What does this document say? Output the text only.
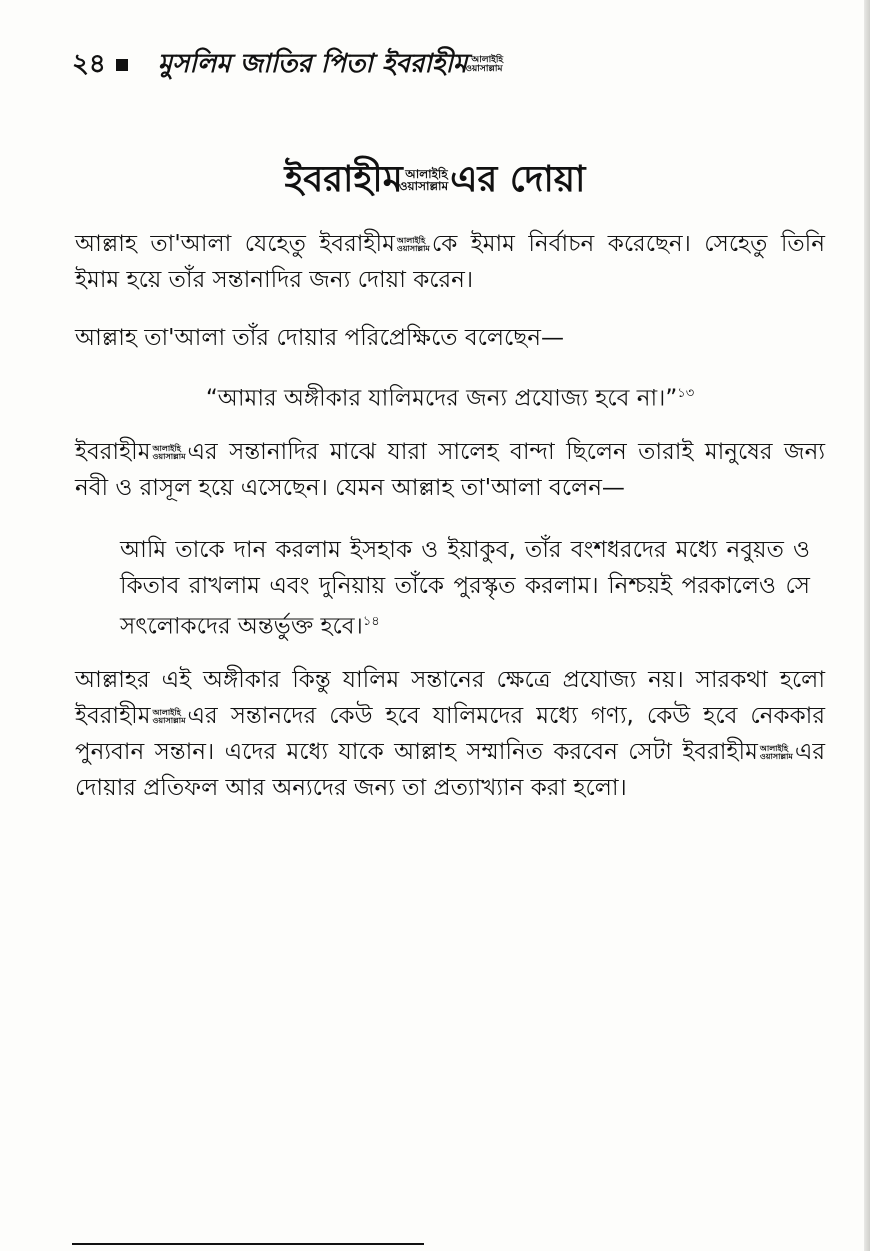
২৪ মুসলিম জাতির পিতা ইবরাহীম আলাইহি
ওয়াসাল্লাম
ইবরাহীম আলাইহি
ওয়াসাল্লাম এর দোয়া
আল্লাহ তা'আলা যেহেতু ইবরাহীম আলাইহি
ওয়াসাল্লাম কে ইমাম নির্বাচন করেছেন। সেহেতু তিনি ইমাম হয়ে তাঁর সন্তানাদির জন্য দোয়া করেন।
আল্লাহ তা'আলা তাঁর দোয়ার পরিপ্রেক্ষিতে বলেছেন—
“আমার অঙ্গীকার যালিমদের জন্য প্রযোজ্য হবে না।”$^{১৩}$
ইবরাহীম আলাইহি
ওয়াসাল্লাম এর সন্তানাদির মাঝে যারা সালেহ বান্দা ছিলেন তারাই মানুষের জন্য নবী ও রাসূল হয়ে এসেছেন। যেমন আল্লাহ তা'আলা বলেন—
আমি তাকে দান করলাম ইসহাক ও ইয়াকুব, তাঁর বংশধরদের মধ্যে নবুয়ত ও কিতাব রাখলাম এবং দুনিয়ায় তাঁকে পুরস্কৃত করলাম। নিশ্চয়ই পরকালেও সে সৎলোকদের অন্তর্ভুক্ত হবে।$^{১৪}$
আল্লাহর এই অঙ্গীকার কিন্তু যালিম সন্তানের ক্ষেত্রে প্রযোজ্য নয়। সারকথা হলো ইবরাহীম আলাইহি
ওয়াসাল্লাম এর সন্তানদের কেউ হবে যালিমদের মধ্যে গণ্য, কেউ হবে নেককার পুন্যবান সন্তান। এদের মধ্যে যাকে আল্লাহ সম্মানিত করবেন সেটা ইবরাহীম আলাইহি
ওয়াসাল্লাম এর দোয়ার প্রতিফল আর অন্যদের জন্য তা প্রত্যাখ্যান করা হলো।
